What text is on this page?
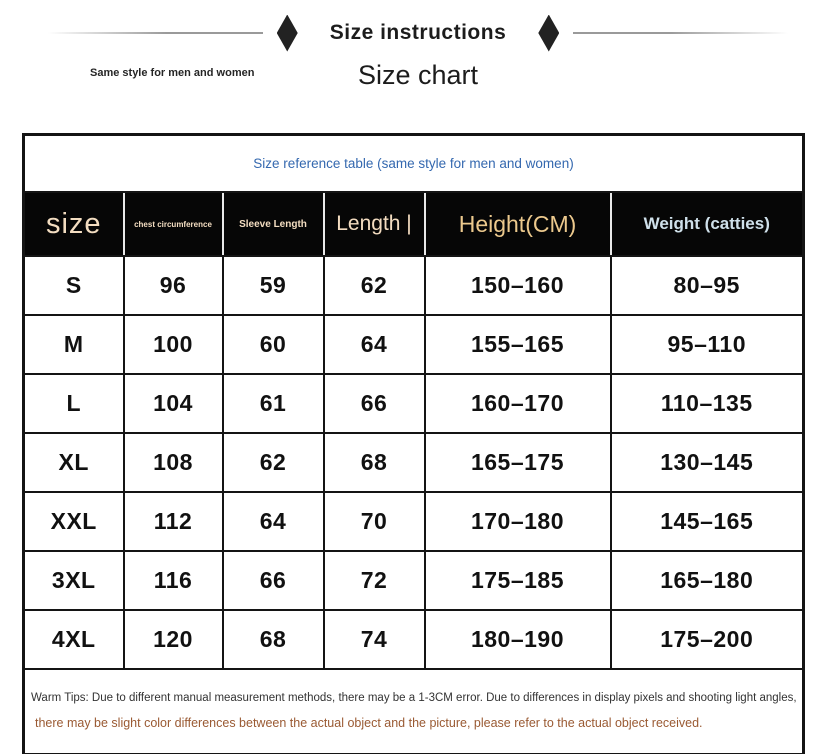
Size instructions
Same style for men and women	Size chart
Size reference table (same style for men and women)					
size	chest circumference	Sleeve Length	Length |	Height(CM)	Weight (catties)
S	96	59	62	150–160	80–95
M	100	60	64	155–165	95–110
L	104	61	66	160–170	110–135
XL	108	62	68	165–175	130–145
XXL	112	64	70	170–180	145–165
3XL	116	66	72	175–185	165–180
4XL	120	68	74	180–190	175–200

Warm Tips: Due to different manual measurement methods, there may be a 1-3CM error. Due to differences in display pixels and shooting light angles,
there may be slight color differences between the actual object and the picture, please refer to the actual object received.					
